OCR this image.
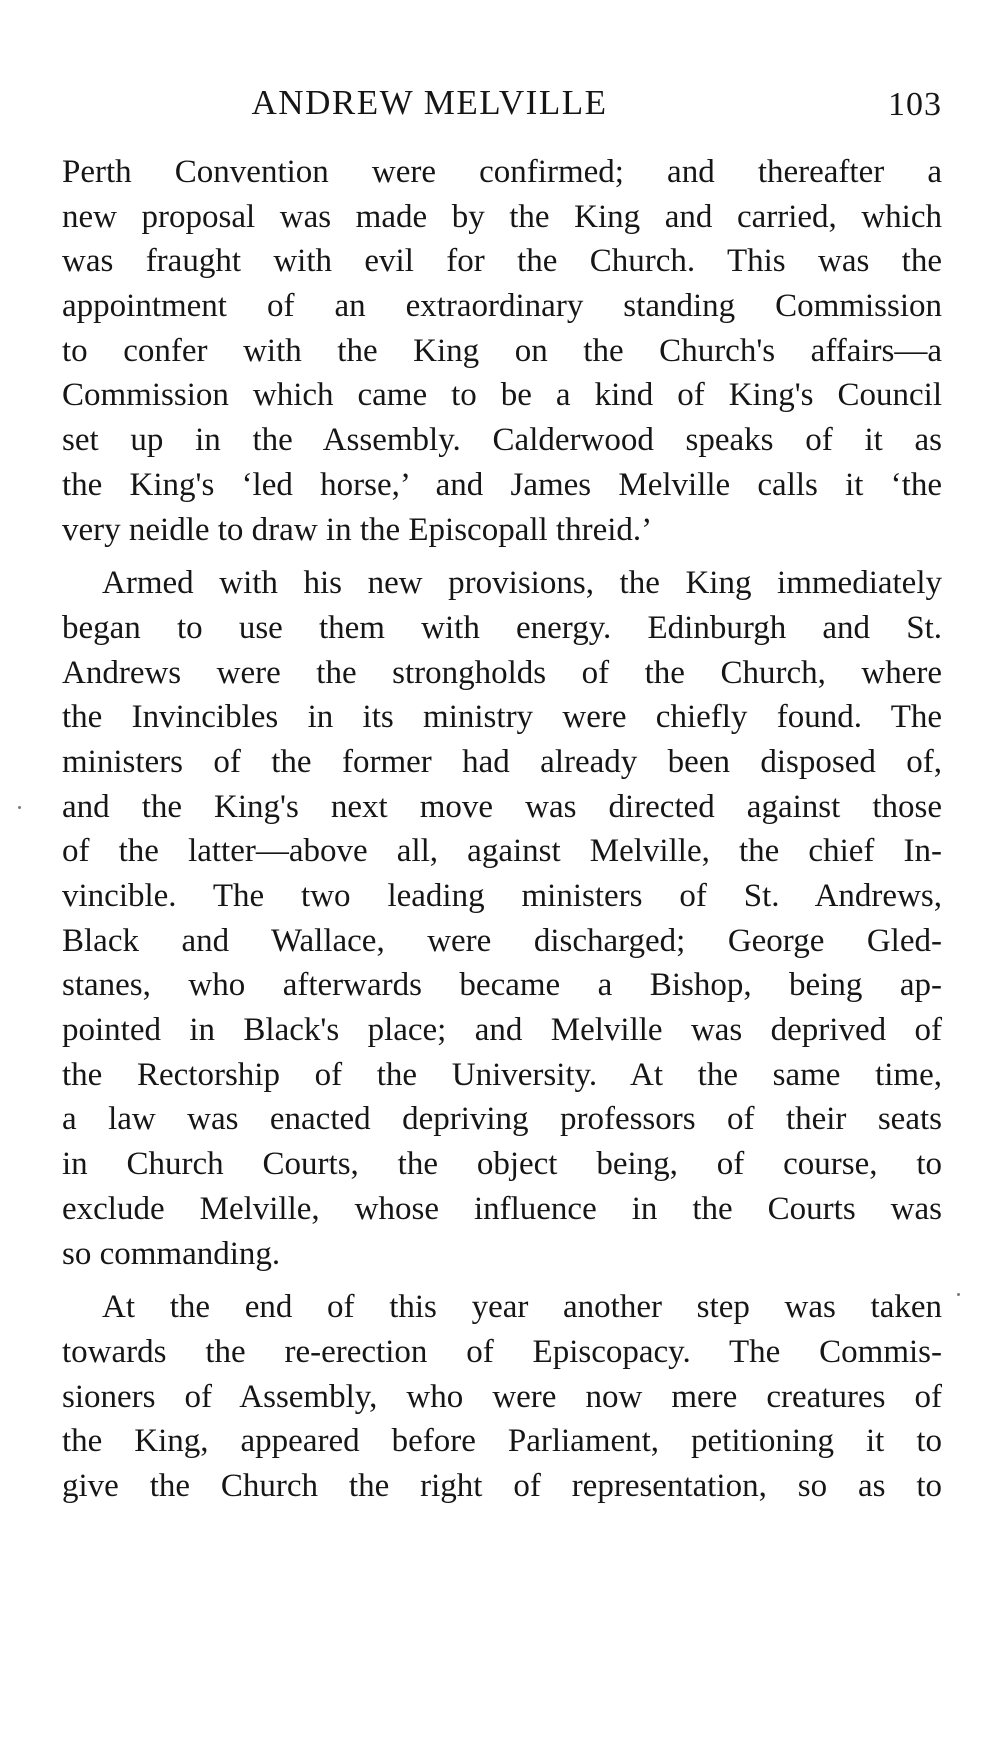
ANDREW MELVILLE	103

Perth Convention were confirmed; and thereafter a
new proposal was made by the King and carried, which
was fraught with evil for the Church. This was the
appointment of an extraordinary standing Commission
to confer with the King on the Church's affairs—a
Commission which came to be a kind of King's Council
set up in the Assembly. Calderwood speaks of it as
the King's ‘led horse,’ and James Melville calls it ‘the
very neidle to draw in the Episcopall threid.’

Armed with his new provisions, the King immediately
began to use them with energy. Edinburgh and St.
Andrews were the strongholds of the Church, where
the Invincibles in its ministry were chiefly found. The
ministers of the former had already been disposed of,
and the King's next move was directed against those
of the latter—above all, against Melville, the chief In-
vincible. The two leading ministers of St. Andrews,
Black and Wallace, were discharged; George Gled-
stanes, who afterwards became a Bishop, being ap-
pointed in Black's place; and Melville was deprived of
the Rectorship of the University. At the same time,
a law was enacted depriving professors of their seats
in Church Courts, the object being, of course, to
exclude Melville, whose influence in the Courts was
so commanding.

At the end of this year another step was taken
towards the re-erection of Episcopacy. The Commis-
sioners of Assembly, who were now mere creatures of
the King, appeared before Parliament, petitioning it to
give the Church the right of representation, so as to
